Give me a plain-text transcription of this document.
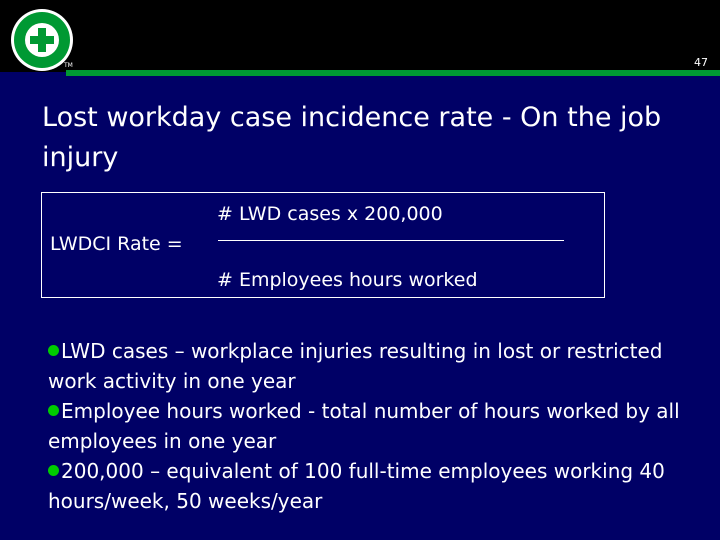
TM	47
Lost workday case incidence rate - On the job injury
LWDCI Rate =
# LWD cases x 200,000
# Employees hours worked
LWD cases – workplace injuries resulting in lost or restricted work activity in one year
Employee hours worked - total number of hours worked by all employees in one year
200,000 – equivalent of 100 full-time employees working 40 hours/week, 50 weeks/year
